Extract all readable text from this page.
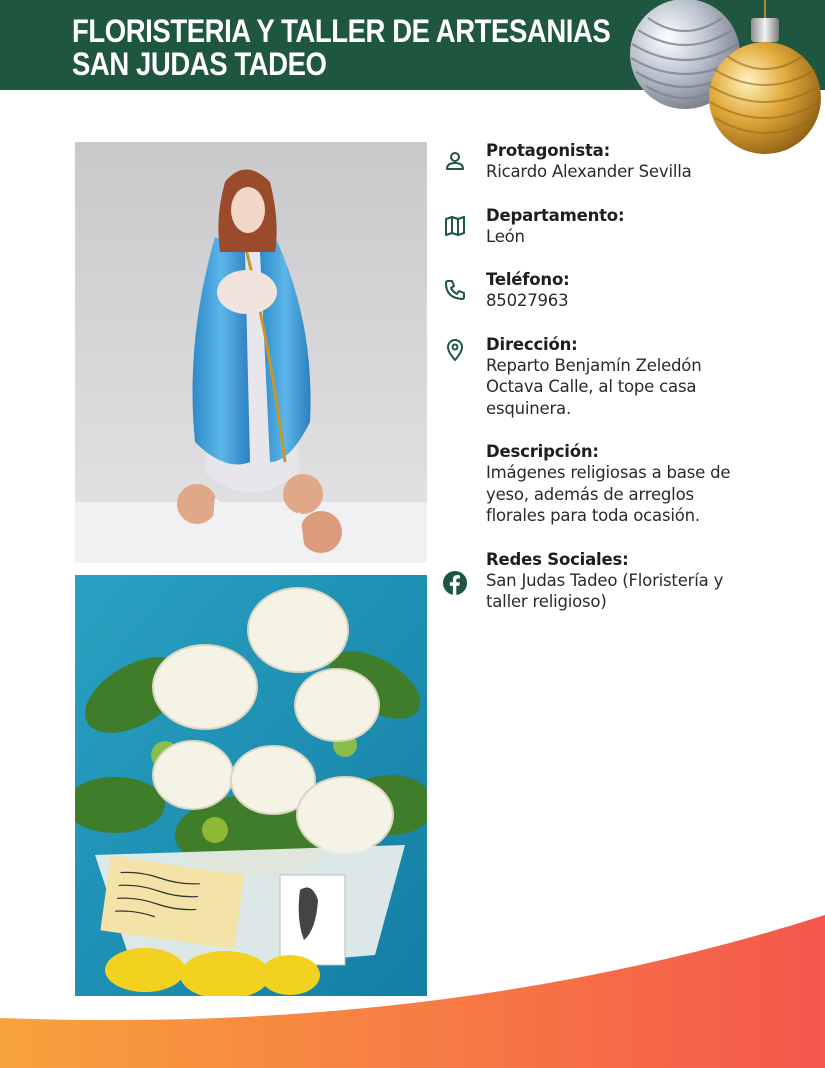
FLORISTERIA Y TALLER DE ARTESANIAS
SAN JUDAS TADEO
Protagonista:
Ricardo Alexander Sevilla
Departamento:
León
Teléfono:
85027963
Dirección:
Reparto Benjamín Zeledón Octava Calle, al tope casa esquinera.
Descripción:
Imágenes religiosas a base de yeso, además de arreglos florales para toda ocasión.
Redes Sociales:
San Judas Tadeo (Floristería y taller religioso)
